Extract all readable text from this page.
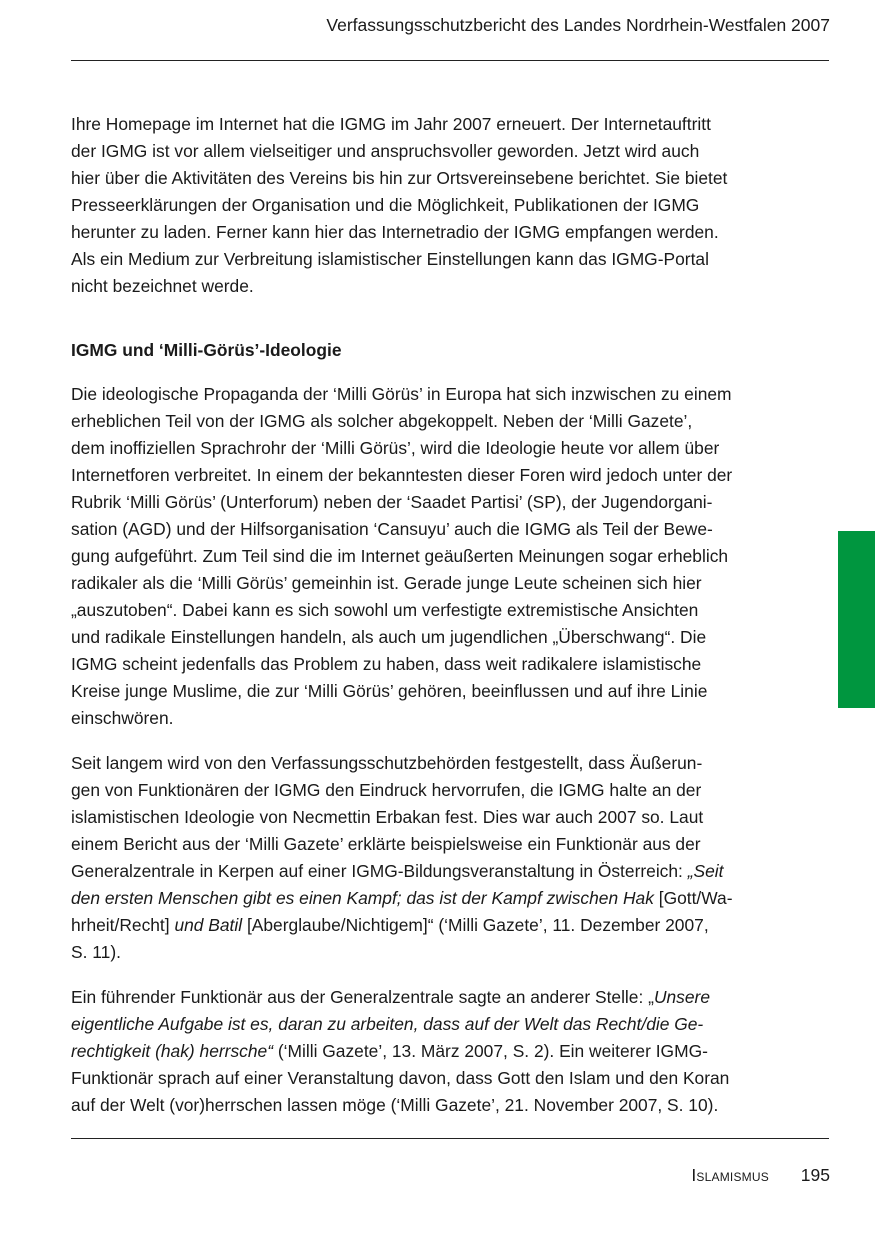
Verfassungsschutzbericht des Landes Nordrhein-Westfalen 2007
Ihre Homepage im Internet hat die IGMG im Jahr 2007 erneuert. Der Internetauftritt
der IGMG ist vor allem vielseitiger und anspruchsvoller geworden. Jetzt wird auch
hier über die Aktivitäten des Vereins bis hin zur Ortsvereinsebene berichtet. Sie bietet
Presseerklärungen der Organisation und die Möglichkeit, Publikationen der IGMG
herunter zu laden. Ferner kann hier das Internetradio der IGMG empfangen werden.
Als ein Medium zur Verbreitung islamistischer Einstellungen kann das IGMG-Portal
nicht bezeichnet werde.
IGMG und ‘Milli-Görüs’-Ideologie
Die ideologische Propaganda der ‘Milli Görüs’ in Europa hat sich inzwischen zu einem
erheblichen Teil von der IGMG als solcher abgekoppelt. Neben der ‘Milli Gazete’,
dem inoffiziellen Sprachrohr der ‘Milli Görüs’, wird die Ideologie heute vor allem über
Internetforen verbreitet. In einem der bekanntesten dieser Foren wird jedoch unter der
Rubrik ‘Milli Görüs’ (Unterforum) neben der ‘Saadet Partisi’ (SP), der Jugendorgani-
sation (AGD) und der Hilfsorganisation ‘Cansuyu’ auch die IGMG als Teil der Bewe-
gung aufgeführt. Zum Teil sind die im Internet geäußerten Meinungen sogar erheblich
radikaler als die ‘Milli Görüs’ gemeinhin ist. Gerade junge Leute scheinen sich hier
„auszutoben“. Dabei kann es sich sowohl um verfestigte extremistische Ansichten
und radikale Einstellungen handeln, als auch um jugendlichen „Überschwang“. Die
IGMG scheint jedenfalls das Problem zu haben, dass weit radikalere islamistische
Kreise junge Muslime, die zur ‘Milli Görüs’ gehören, beeinflussen und auf ihre Linie
einschwören.
Seit langem wird von den Verfassungsschutzbehörden festgestellt, dass Äußerun-
gen von Funktionären der IGMG den Eindruck hervorrufen, die IGMG halte an der
islamistischen Ideologie von Necmettin Erbakan fest. Dies war auch 2007 so. Laut
einem Bericht aus der ‘Milli Gazete’ erklärte beispielsweise ein Funktionär aus der
Generalzentrale in Kerpen auf einer IGMG-Bildungsveranstaltung in Österreich: „Seit
den ersten Menschen gibt es einen Kampf; das ist der Kampf zwischen Hak [Gott/Wa-
hrheit/Recht] und Batil [Aberglaube/Nichtigem]“ (‘Milli Gazete’, 11. Dezember 2007,
S. 11).
Ein führender Funktionär aus der Generalzentrale sagte an anderer Stelle: „Unsere
eigentliche Aufgabe ist es, daran zu arbeiten, dass auf der Welt das Recht/die Ge-
rechtigkeit (hak) herrsche“ (‘Milli Gazete’, 13. März 2007, S. 2). Ein weiterer IGMG-
Funktionär sprach auf einer Veranstaltung davon, dass Gott den Islam und den Koran
auf der Welt (vor)herrschen lassen möge (‘Milli Gazete’, 21. November 2007, S. 10).
Islamismus 195
